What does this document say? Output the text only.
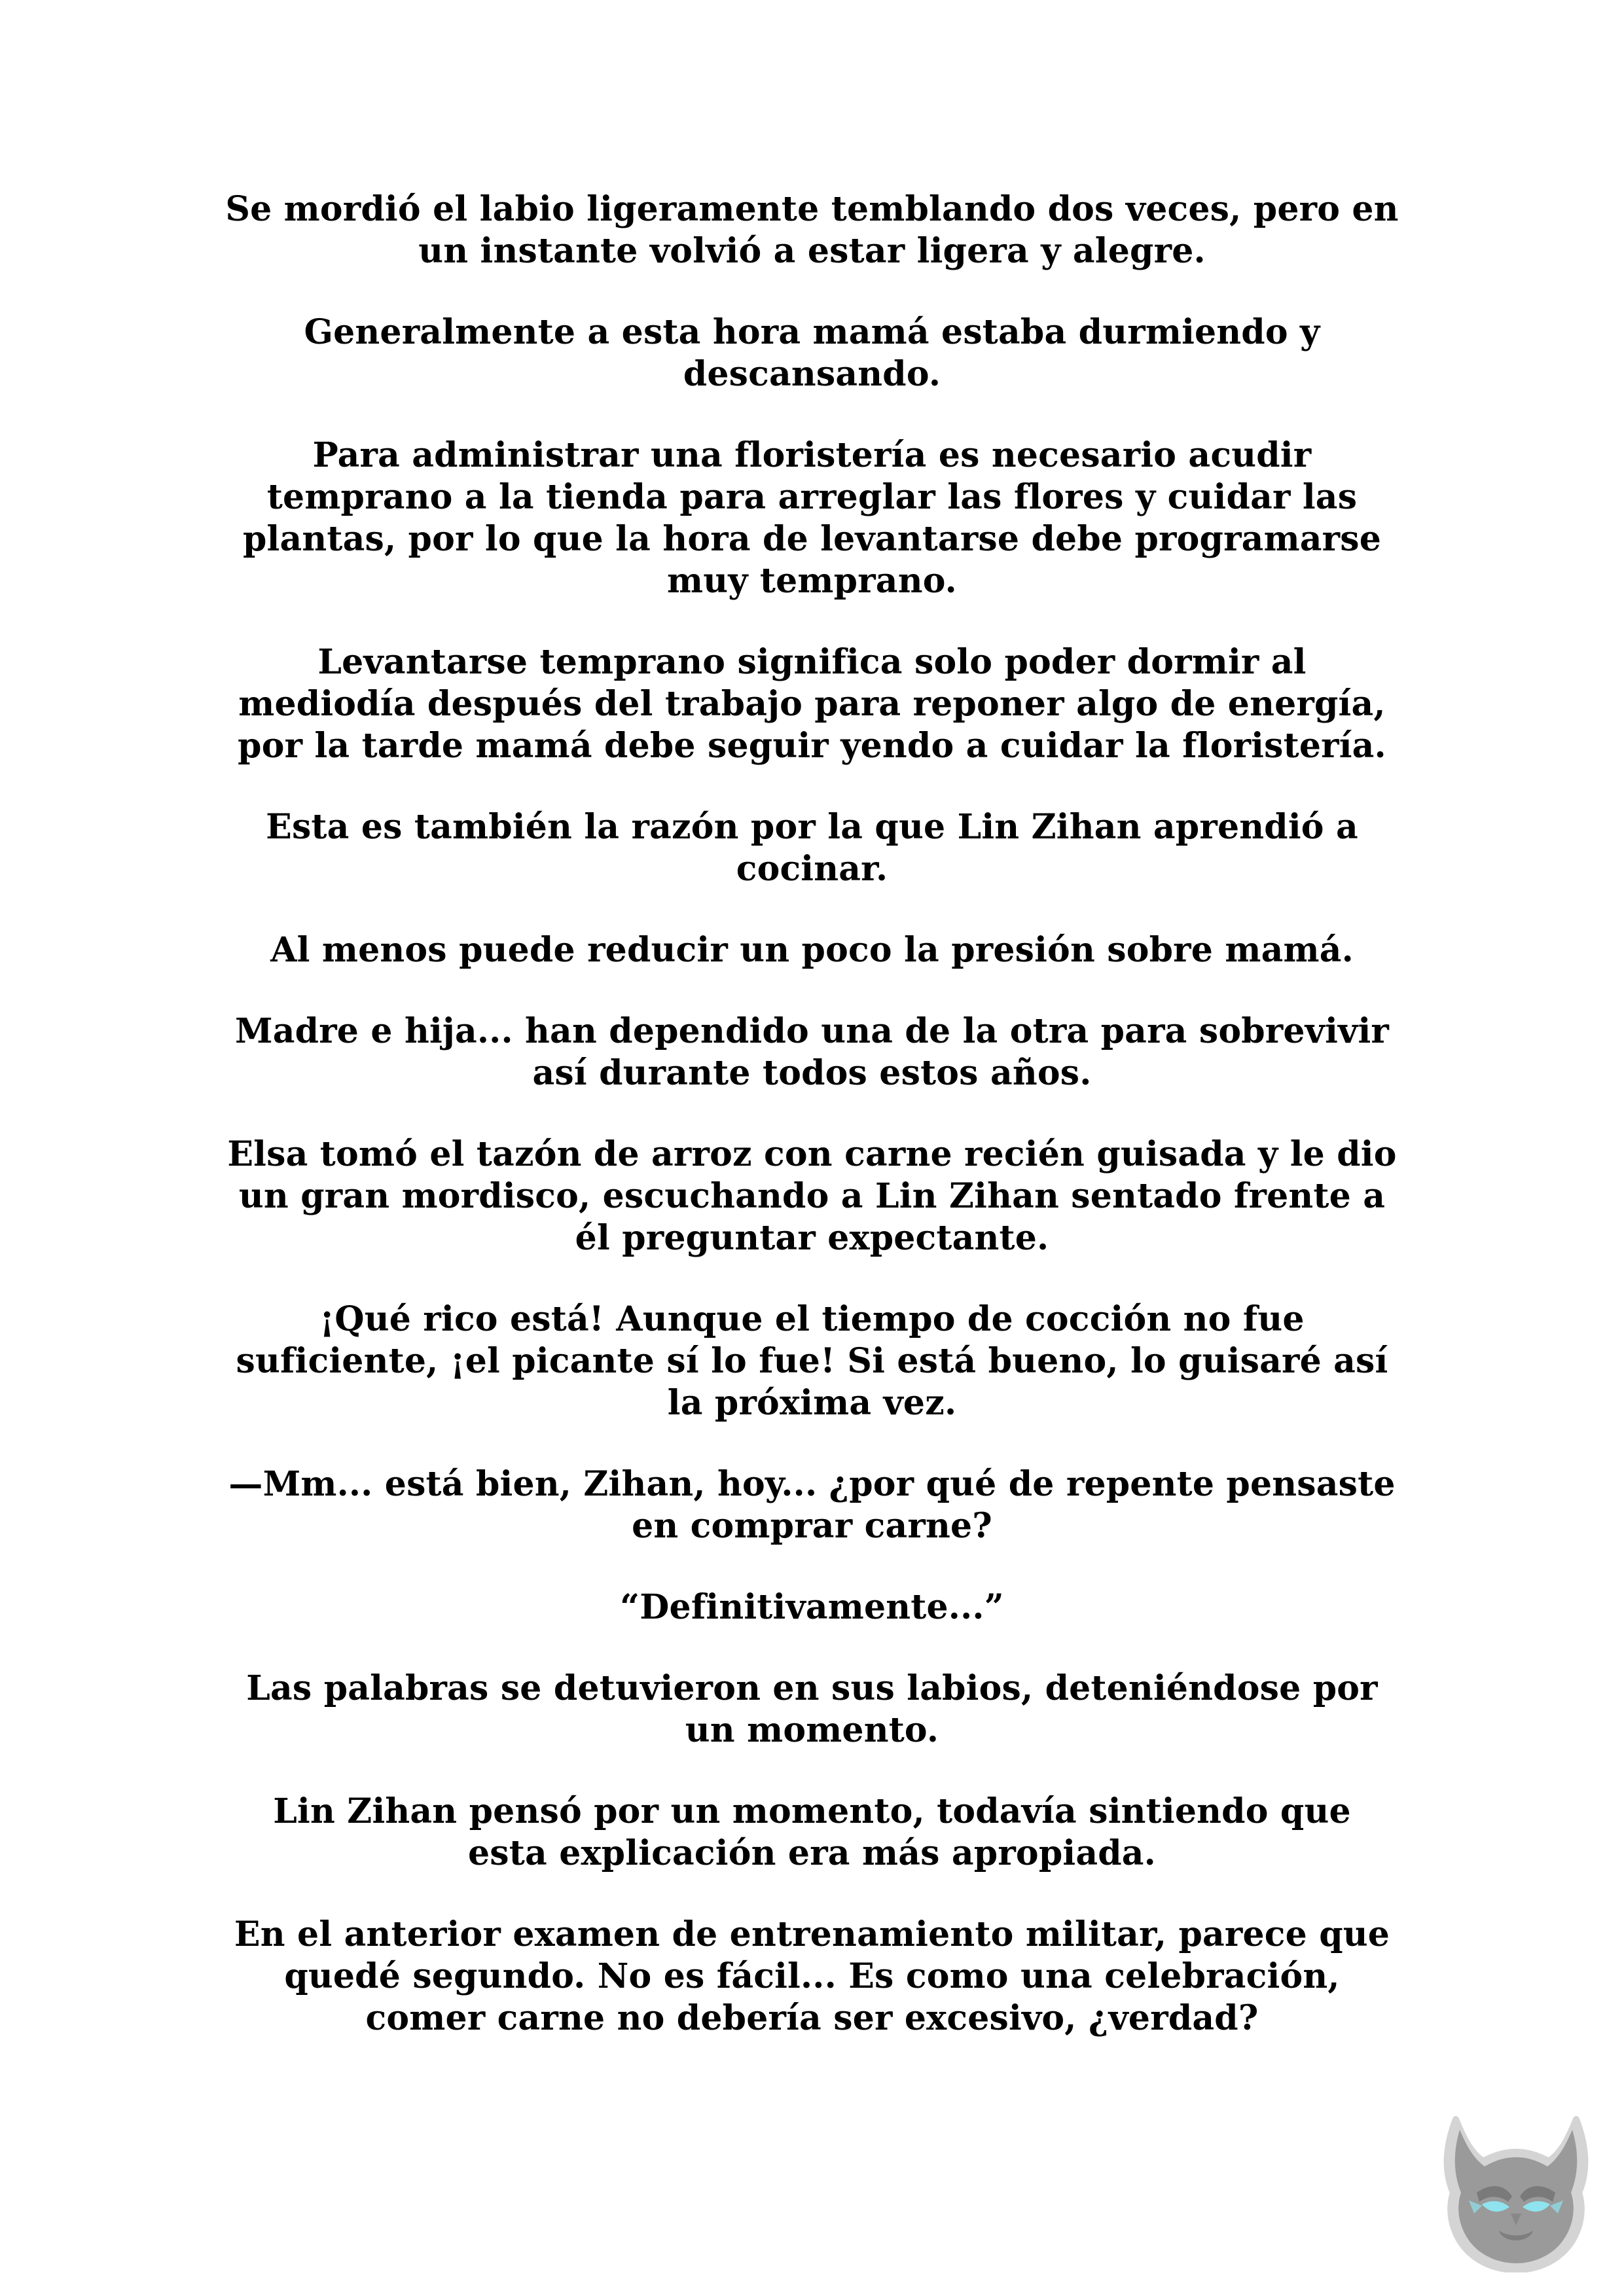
Se mordió el labio ligeramente temblando dos veces, pero en
un instante volvió a estar ligera y alegre.

Generalmente a esta hora mamá estaba durmiendo y
descansando.

Para administrar una floristería es necesario acudir
temprano a la tienda para arreglar las flores y cuidar las
plantas, por lo que la hora de levantarse debe programarse
muy temprano.

Levantarse temprano significa solo poder dormir al
mediodía después del trabajo para reponer algo de energía,
por la tarde mamá debe seguir yendo a cuidar la floristería.

Esta es también la razón por la que Lin Zihan aprendió a
cocinar.

Al menos puede reducir un poco la presión sobre mamá.

Madre e hija... han dependido una de la otra para sobrevivir
así durante todos estos años.

Elsa tomó el tazón de arroz con carne recién guisada y le dio
un gran mordisco, escuchando a Lin Zihan sentado frente a
él preguntar expectante.

¡Qué rico está! Aunque el tiempo de cocción no fue
suficiente, ¡el picante sí lo fue! Si está bueno, lo guisaré así
la próxima vez.

—Mm... está bien, Zihan, hoy... ¿por qué de repente pensaste
en comprar carne?

“Definitivamente...”

Las palabras se detuvieron en sus labios, deteniéndose por
un momento.

Lin Zihan pensó por un momento, todavía sintiendo que
esta explicación era más apropiada.

En el anterior examen de entrenamiento militar, parece que
quedé segundo. No es fácil... Es como una celebración,
comer carne no debería ser excesivo, ¿verdad?
